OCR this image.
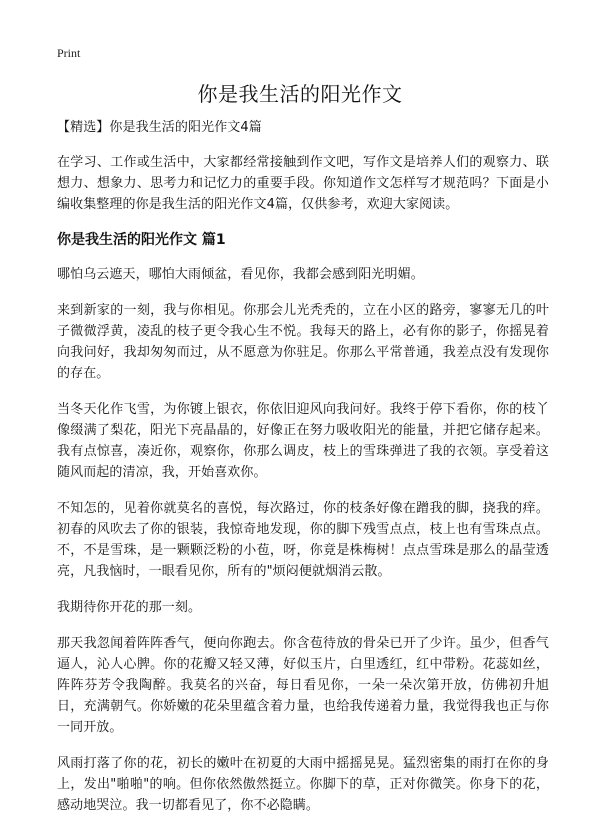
Print
你是我生活的阳光作文

【精选】你是我生活的阳光作文4篇

在学习、工作或生活中，大家都经常接触到作文吧，写作文是培养人们的观察力、联想力、想象力、思考力和记忆力的重要手段。你知道作文怎样写才规范吗？下面是小编收集整理的你是我生活的阳光作文4篇，仅供参考，欢迎大家阅读。

你是我生活的阳光作文 篇1

哪怕乌云遮天，哪怕大雨倾盆，看见你，我都会感到阳光明媚。

来到新家的一刻，我与你相见。你那会儿光秃秃的，立在小区的路旁，寥寥无几的叶子微微浮黄，凌乱的枝子更令我心生不悦。我每天的路上，必有你的影子，你摇晃着向我问好，我却匆匆而过，从不愿意为你驻足。你那么平常普通，我差点没有发现你的存在。

当冬天化作飞雪，为你镀上银衣，你依旧迎风向我问好。我终于停下看你，你的枝丫像缀满了梨花，阳光下亮晶晶的，好像正在努力吸收阳光的能量，并把它储存起来。我有点惊喜，凑近你，观察你，你那么调皮，枝上的雪珠弹进了我的衣领。享受着这随风而起的清凉，我，开始喜欢你。

不知怎的，见着你就莫名的喜悦，每次路过，你的枝条好像在蹭我的脚，挠我的痒。初春的风吹去了你的银装，我惊奇地发现，你的脚下残雪点点，枝上也有雪珠点点。不，不是雪珠，是一颗颗泛粉的小苞，呀，你竟是株梅树！点点雪珠是那么的晶莹透亮，凡我恼时，一眼看见你，所有的"烦闷便就烟消云散。

我期待你开花的那一刻。

那天我忽闻着阵阵香气，便向你跑去。你含苞待放的骨朵已开了少许。虽少，但香气逼人，沁人心脾。你的花瓣又轻又薄，好似玉片，白里透红，红中带粉。花蕊如丝，阵阵芬芳令我陶醉。我莫名的兴奋，每日看见你，一朵一朵次第开放，仿佛初升旭日，充满朝气。你娇嫩的花朵里蕴含着力量，也给我传递着力量，我觉得我也正与你一同开放。

风雨打落了你的花，初长的嫩叶在初夏的大雨中摇摇晃晃。猛烈密集的雨打在你的身上，发出"啪啪"的响。但你依然傲然挺立。你脚下的草，正对你微笑。你身下的花，感动地哭泣。我一切都看见了，你不必隐瞒。
